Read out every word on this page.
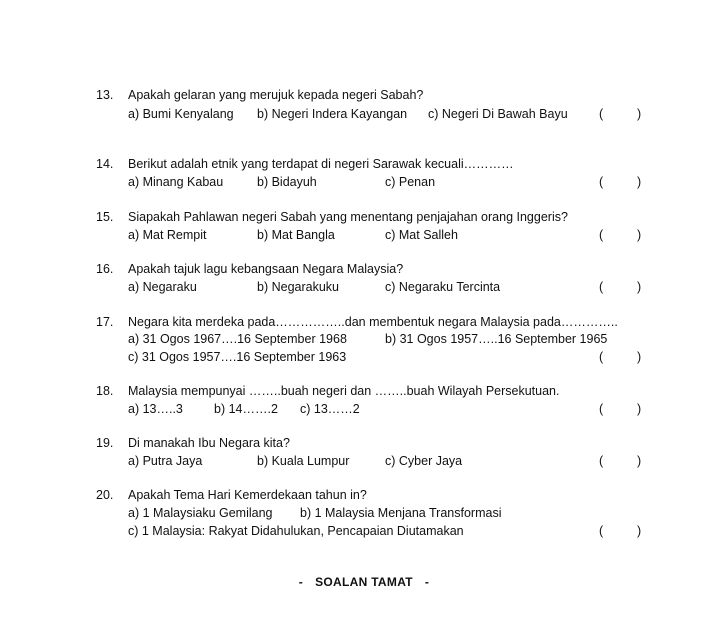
13. Apakah gelaran yang merujuk kepada negeri Sabah?
a) Bumi Kenyalang b) Negeri Indera Kayangan c) Negeri Di Bawah Bayu	(	)
14. Berikut adalah etnik yang terdapat di negeri Sarawak kecuali…………
a) Minang Kabau	b) Bidayuh	c) Penan	(	)
15. Siapakah Pahlawan negeri Sabah yang menentang penjajahan orang Inggeris?
a) Mat Rempit	b) Mat Bangla	c) Mat Salleh	(	)
16. Apakah tajuk lagu kebangsaan Negara Malaysia?
a) Negaraku	b) Negarakuku	c) Negaraku Tercinta	(	)
17. Negara kita merdeka pada……………..dan membentuk negara Malaysia pada…………..
a) 31 Ogos 1967….16 September 1968	b) 31 Ogos 1957…..16 September 1965
c) 31 Ogos 1957….16 September 1963	(	)
18. Malaysia mempunyai ……..buah negeri dan ……..buah Wilayah Persekutuan.
a) 13…..3 b) 14…….2 c) 13……2	(	)
19. Di manakah Ibu Negara kita?
a) Putra Jaya	b) Kuala Lumpur	c) Cyber Jaya	(	)
20. Apakah Tema Hari Kemerdekaan tahun in?
a) 1 Malaysiaku Gemilang b) 1 Malaysia Menjana Transformasi
c) 1 Malaysia: Rakyat Didahulukan, Pencapaian Diutamakan	(	)
- SOALAN TAMAT -
